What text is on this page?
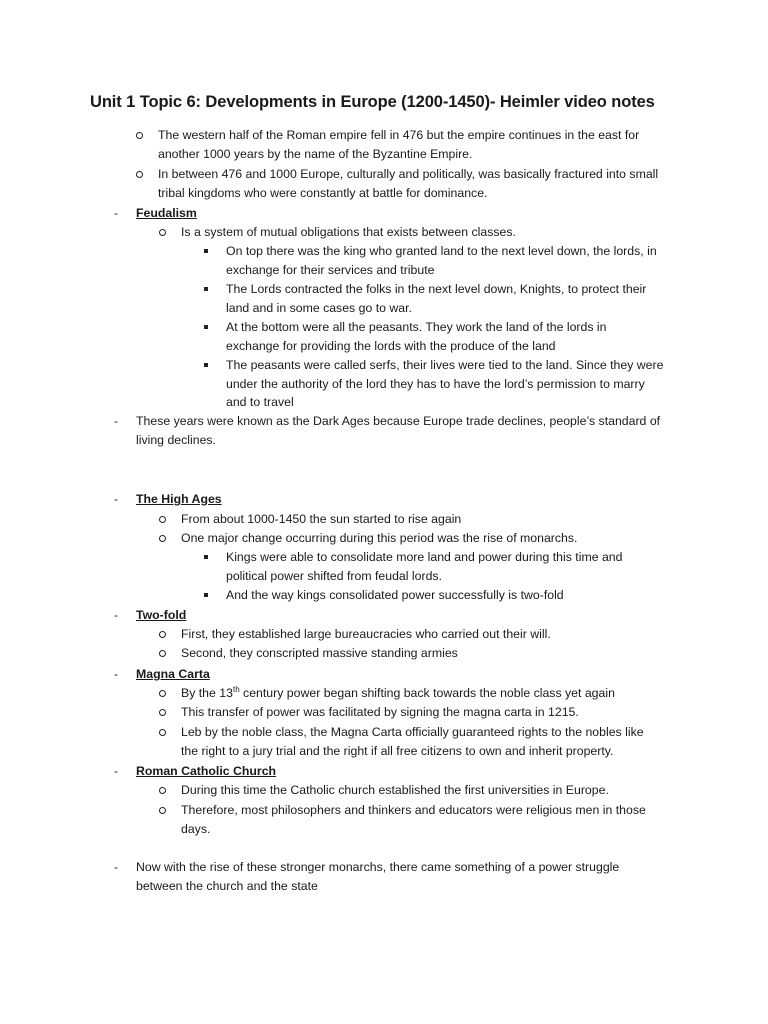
Unit 1 Topic 6: Developments in Europe (1200-1450)- Heimler video notes
The western half of the Roman empire fell in 476 but the empire continues in the east for
another 1000 years by the name of the Byzantine Empire.
In between 476 and 1000 Europe, culturally and politically, was basically fractured into small
tribal kingdoms who were constantly at battle for dominance.
- Feudalism
Is a system of mutual obligations that exists between classes.
On top there was the king who granted land to the next level down, the lords, in
exchange for their services and tribute
The Lords contracted the folks in the next level down, Knights, to protect their
land and in some cases go to war.
At the bottom were all the peasants. They work the land of the lords in
exchange for providing the lords with the produce of the land
The peasants were called serfs, their lives were tied to the land. Since they were
under the authority of the lord they has to have the lord’s permission to marry
and to travel
- These years were known as the Dark Ages because Europe trade declines, people’s standard of
living declines.
- The High Ages
From about 1000-1450 the sun started to rise again
One major change occurring during this period was the rise of monarchs.
Kings were able to consolidate more land and power during this time and
political power shifted from feudal lords.
And the way kings consolidated power successfully is two-fold
- Two-fold
First, they established large bureaucracies who carried out their will.
Second, they conscripted massive standing armies
- Magna Carta
By the 13th century power began shifting back towards the noble class yet again
This transfer of power was facilitated by signing the magna carta in 1215.
Leb by the noble class, the Magna Carta officially guaranteed rights to the nobles like
the right to a jury trial and the right if all free citizens to own and inherit property.
- Roman Catholic Church
During this time the Catholic church established the first universities in Europe.
Therefore, most philosophers and thinkers and educators were religious men in those
days.
- Now with the rise of these stronger monarchs, there came something of a power struggle
between the church and the state
